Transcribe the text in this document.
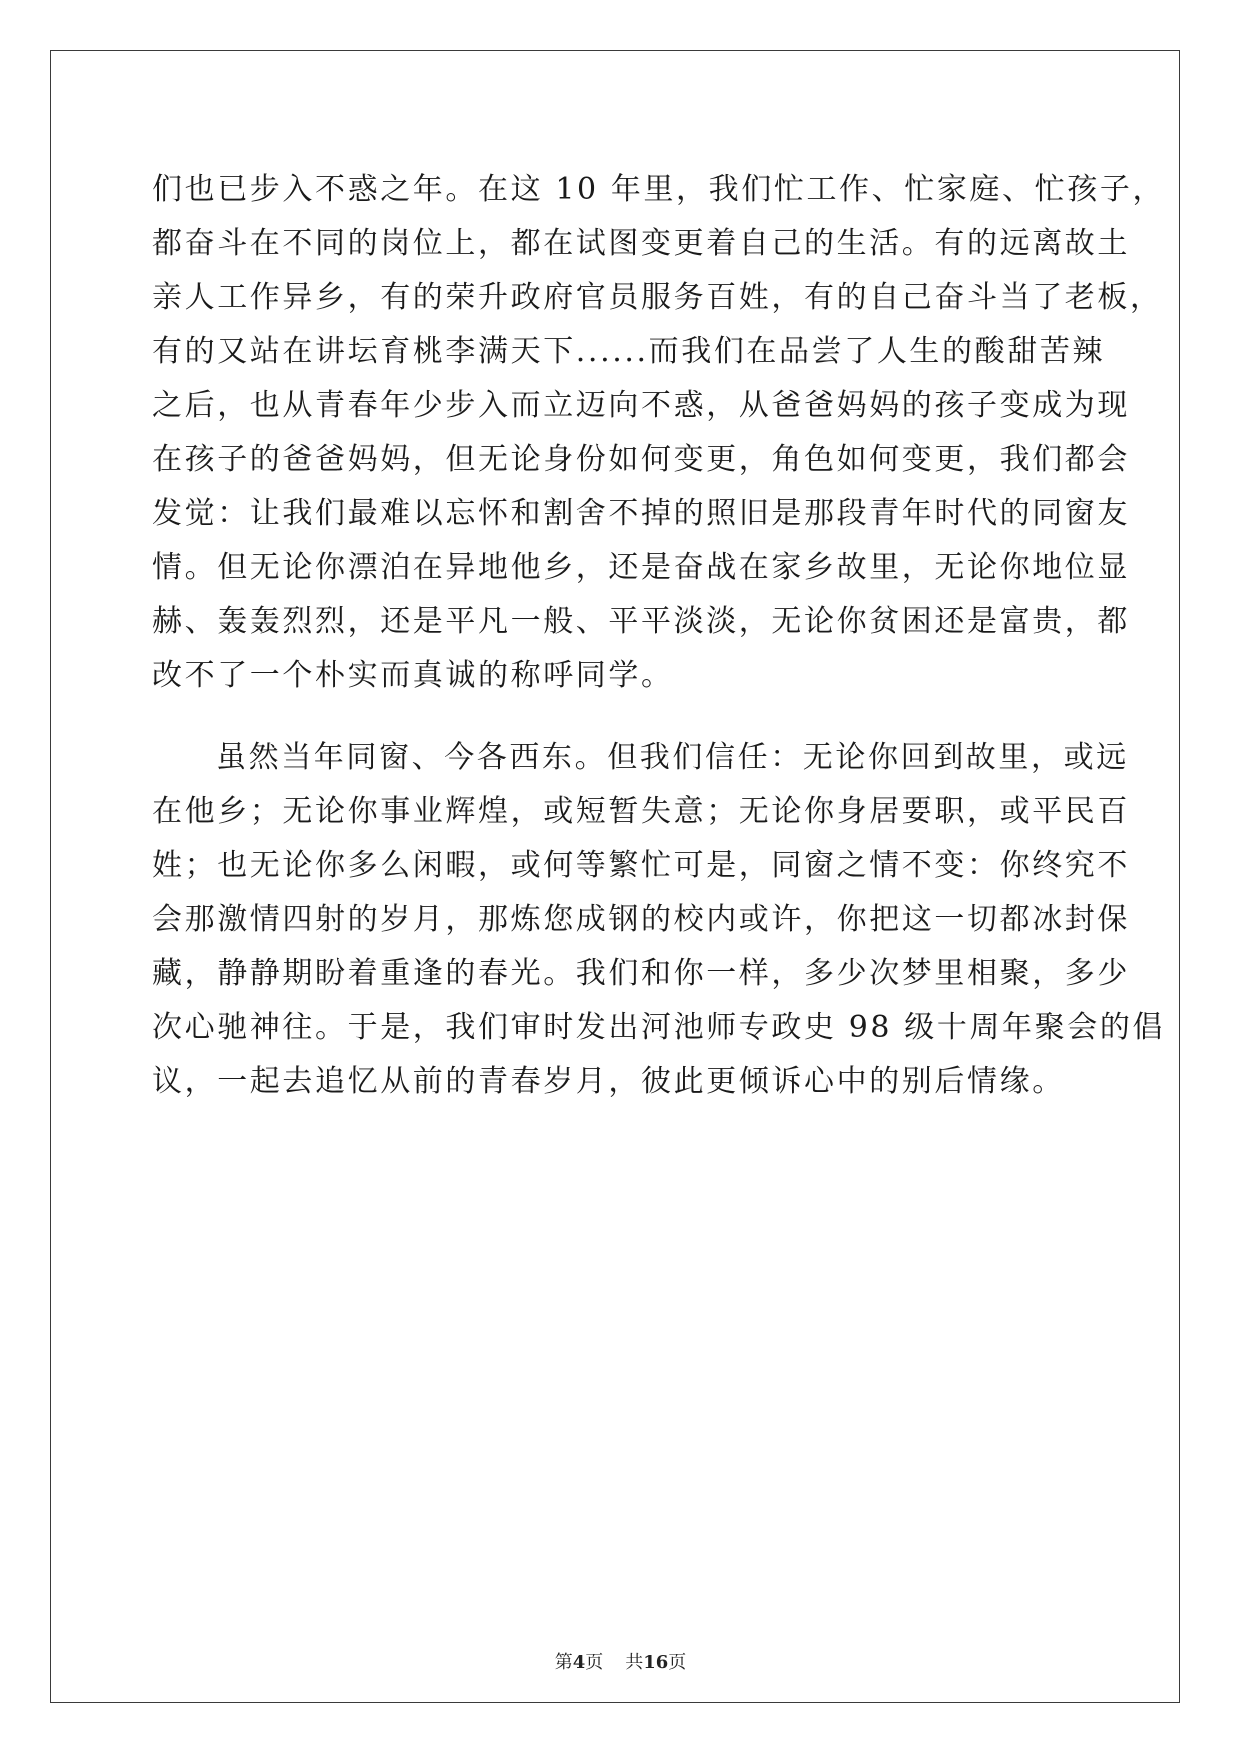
们也已步入不惑之年。在这 10 年里，我们忙工作、忙家庭、忙孩子，
都奋斗在不同的岗位上，都在试图变更着自己的生活。有的远离故土
亲人工作异乡，有的荣升政府官员服务百姓，有的自己奋斗当了老板，
有的又站在讲坛育桃李满天下......而我们在品尝了人生的酸甜苦辣
之后，也从青春年少步入而立迈向不惑，从爸爸妈妈的孩子变成为现
在孩子的爸爸妈妈，但无论身份如何变更，角色如何变更，我们都会
发觉：让我们最难以忘怀和割舍不掉的照旧是那段青年时代的同窗友
情。但无论你漂泊在异地他乡，还是奋战在家乡故里，无论你地位显
赫、轰轰烈烈，还是平凡一般、平平淡淡，无论你贫困还是富贵，都
改不了一个朴实而真诚的称呼同学。
虽然当年同窗、今各西东。但我们信任：无论你回到故里，或远
在他乡；无论你事业辉煌，或短暂失意；无论你身居要职，或平民百
姓；也无论你多么闲暇，或何等繁忙可是，同窗之情不变：你终究不
会那激情四射的岁月，那炼您成钢的校内或许，你把这一切都冰封保
藏，静静期盼着重逢的春光。我们和你一样，多少次梦里相聚，多少
次心驰神往。于是，我们审时发出河池师专政史 98 级十周年聚会的倡
议，一起去追忆从前的青春岁月，彼此更倾诉心中的别后情缘。
第4页 共16页
